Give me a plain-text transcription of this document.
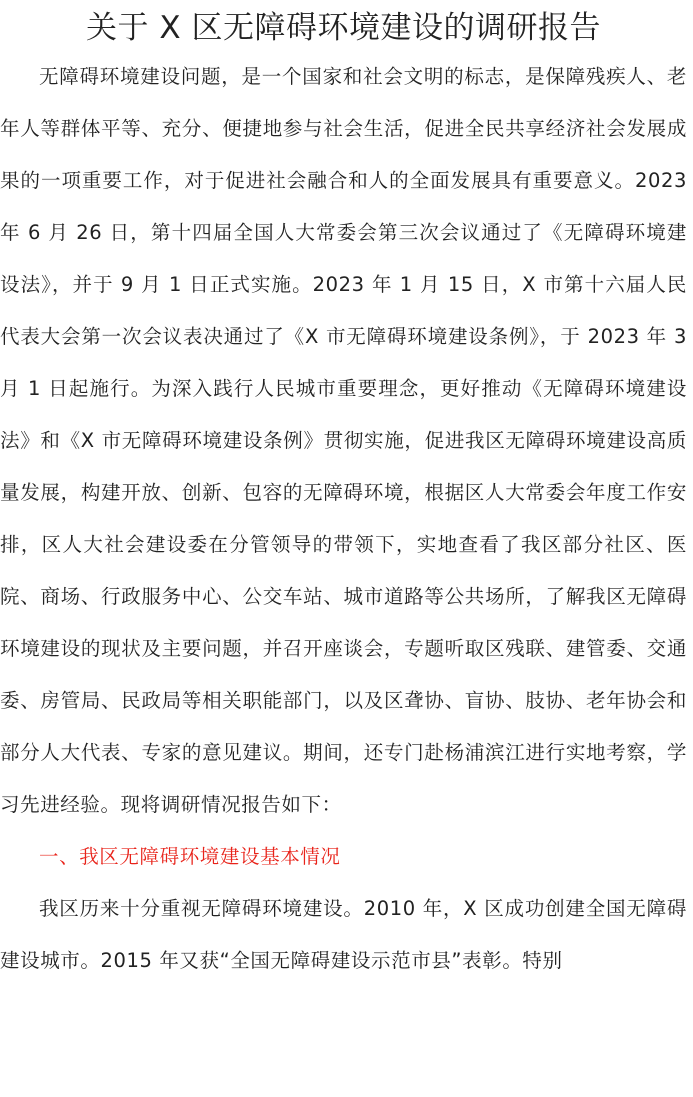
关于 X 区无障碍环境建设的调研报告

无障碍环境建设问题，是一个国家和社会文明的标志，是保障残疾人、老年人等群体平等、充分、便捷地参与社会生活，促进全民共享经济社会发展成果的一项重要工作，对于促进社会融合和人的全面发展具有重要意义。2023 年 6 月 26 日，第十四届全国人大常委会第三次会议通过了《无障碍环境建设法》，并于 9 月 1 日正式实施。2023 年 1 月 15 日，X 市第十六届人民代表大会第一次会议表决通过了《X 市无障碍环境建设条例》，于 2023 年 3 月 1 日起施行。为深入践行人民城市重要理念，更好推动《无障碍环境建设法》和《X 市无障碍环境建设条例》贯彻实施，促进我区无障碍环境建设高质量发展，构建开放、创新、包容的无障碍环境，根据区人大常委会年度工作安排，区人大社会建设委在分管领导的带领下，实地查看了我区部分社区、医院、商场、行政服务中心、公交车站、城市道路等公共场所，了解我区无障碍环境建设的现状及主要问题，并召开座谈会，专题听取区残联、建管委、交通委、房管局、民政局等相关职能部门，以及区聋协、盲协、肢协、老年协会和部分人大代表、专家的意见建议。期间，还专门赴杨浦滨江进行实地考察，学习先进经验。现将调研情况报告如下：

一、我区无障碍环境建设基本情况

我区历来十分重视无障碍环境建设。2010 年，X 区成功创建全国无障碍建设城市。2015 年又获“全国无障碍建设示范市县”表彰。特别
